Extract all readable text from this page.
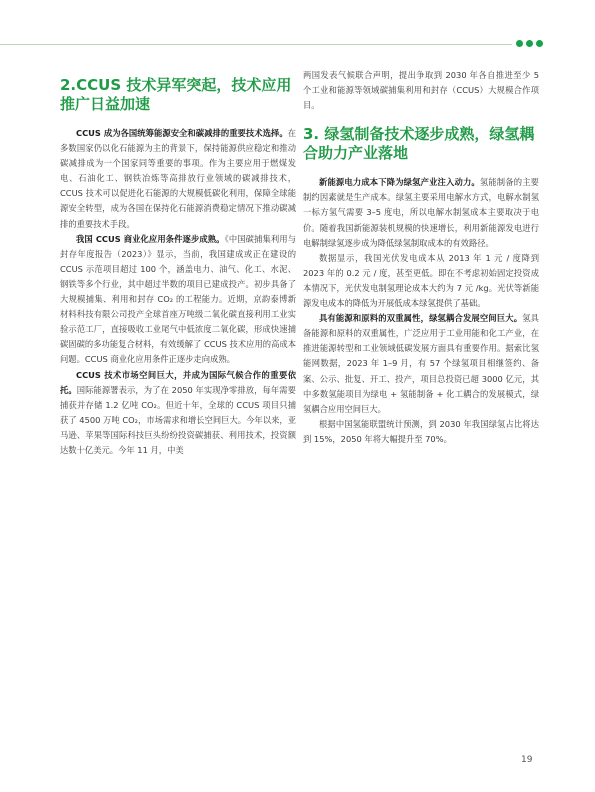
2.CCUS 技术异军突起，技术应用推广日益加速

CCUS 成为各国统筹能源安全和碳减排的重要技术选择。在多数国家仍以化石能源为主的背景下，保持能源供应稳定和推动碳减排成为一个国家同等重要的事项。作为主要应用于燃煤发电、石油化工、钢铁冶炼等高排放行业领域的碳减排技术，CCUS 技术可以促进化石能源的大规模低碳化利用，保障全球能源安全转型，成为各国在保持化石能源消费稳定情况下推动碳减排的重要技术手段。

我国 CCUS 商业化应用条件逐步成熟。《中国碳捕集利用与封存年度报告（2023）》显示，当前，我国建成或正在建设的 CCUS 示范项目超过 100 个，涵盖电力、油气、化工、水泥、钢铁等多个行业，其中超过半数的项目已建成投产。初步具备了大规模捕集、利用和封存 CO₂ 的工程能力。近期，京韵泰博新材料科技有限公司投产全球首座万吨级二氧化碳直接利用工业实验示范工厂，直接吸收工业尾气中低浓度二氧化碳，形成快速捕碳固碳的多功能复合材料，有效缓解了 CCUS 技术应用的高成本问题。CCUS 商业化应用条件正逐步走向成熟。

CCUS 技术市场空间巨大，并成为国际气候合作的重要依托。国际能源署表示，为了在 2050 年实现净零排放，每年需要捕获并存储 1.2 亿吨 CO₂。但近十年，全球的 CCUS 项目只捕获了 4500 万吨 CO₂，市场需求和增长空间巨大。今年以来，亚马逊、苹果等国际科技巨头纷纷投资碳捕获、利用技术，投资额达数十亿美元。今年 11 月，中美

两国发表气候联合声明，提出争取到 2030 年各自推进至少 5 个工业和能源等领域碳捕集利用和封存（CCUS）大规模合作项目。

3. 绿氢制备技术逐步成熟，绿氢耦合助力产业落地

新能源电力成本下降为绿氢产业注入动力。氢能制备的主要制约因素就是生产成本。绿氢主要采用电解水方式，电解水制氢一标方氢气需要 3–5 度电，所以电解水制氢成本主要取决于电价。随着我国新能源装机规模的快速增长，利用新能源发电进行电解制绿氢逐步成为降低绿氢制取成本的有效路径。

数据显示，我国光伏发电成本从 2013 年 1 元 / 度降到 2023 年的 0.2 元 / 度，甚至更低。即在不考虑初始固定投资成本情况下，光伏发电制氢理论成本大约为 7 元 /kg。光伏等新能源发电成本的降低为开展低成本绿氢提供了基础。

具有能源和原料的双重属性，绿氢耦合发展空间巨大。氢具备能源和原料的双重属性，广泛应用于工业用能和化工产业，在推进能源转型和工业领域低碳发展方面具有重要作用。据索比氢能网数据，2023 年 1–9 月，有 57 个绿氢项目相继签约、备案、公示、批复、开工、投产，项目总投资已超 3000 亿元，其中多数氢能项目为绿电 + 氢能制备 + 化工耦合的发展模式，绿氢耦合应用空间巨大。

根据中国氢能联盟统计预测，到 2030 年我国绿氢占比将达到 15%，2050 年将大幅提升至 70%。

19
